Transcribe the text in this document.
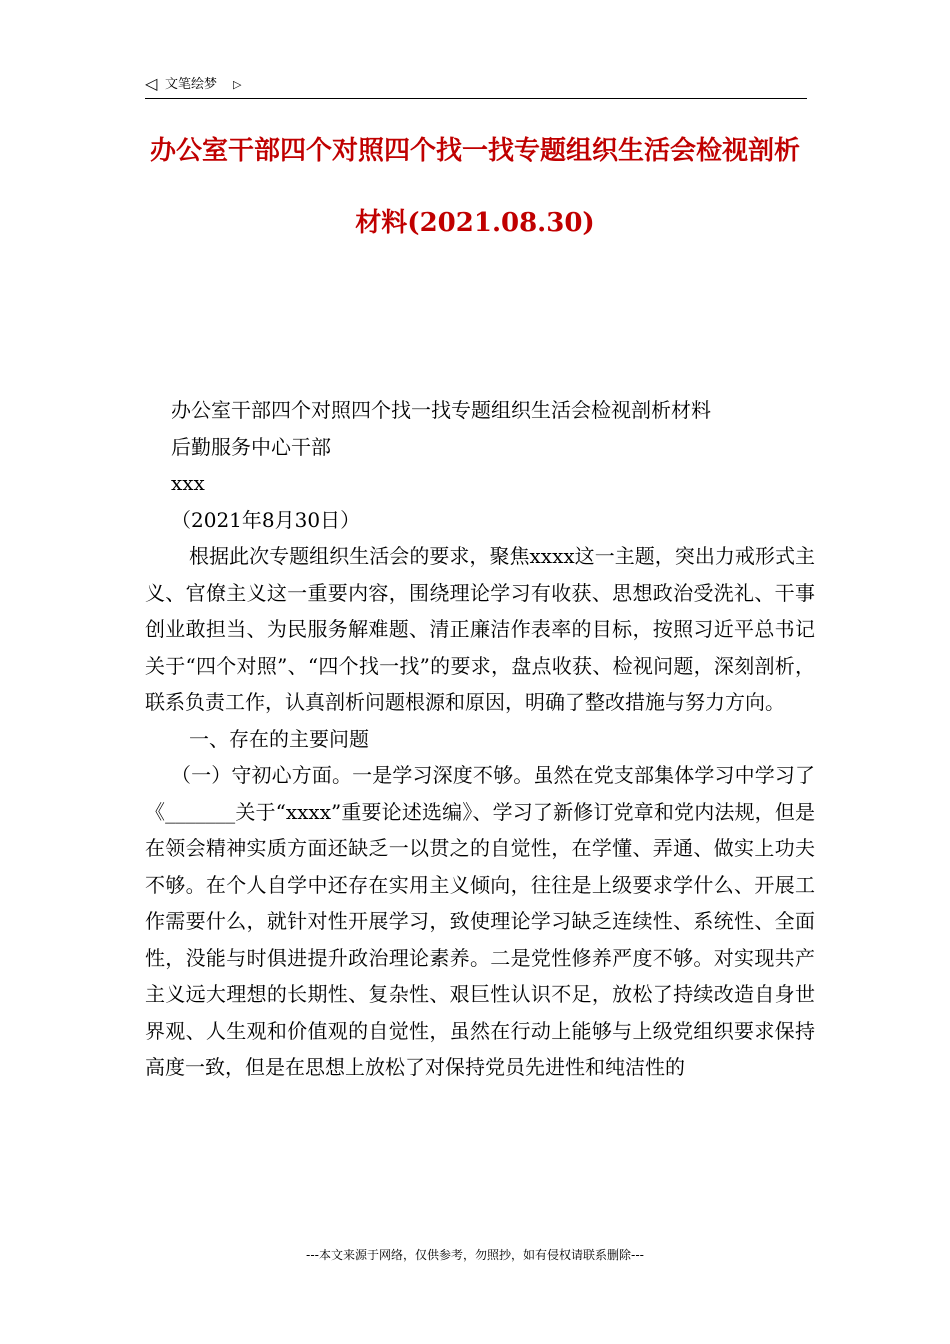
◁ 文笔绘梦 ▷
办公室干部四个对照四个找一找专题组织生活会检视剖析
材料(2021.08.30)

办公室干部四个对照四个找一找专题组织生活会检视剖析材料

后勤服务中心干部

xxx

（2021年8月30日）

根据此次专题组织生活会的要求，聚焦xxxx这一主题，突出力戒形式主义、官僚主义这一重要内容，围绕理论学习有收获、思想政治受洗礼、干事创业敢担当、为民服务解难题、清正廉洁作表率的目标，按照习近平总书记关于“四个对照”、“四个找一找”的要求，盘点收获、检视问题，深刻剖析，联系负责工作，认真剖析问题根源和原因，明确了整改措施与努力方向。

一、存在的主要问题

（一）守初心方面。一是学习深度不够。虽然在党支部集体学习中学习了《_______关于“xxxx”重要论述选编》、学习了新修订党章和党内法规，但是在领会精神实质方面还缺乏一以贯之的自觉性，在学懂、弄通、做实上功夫不够。在个人自学中还存在实用主义倾向，往往是上级要求学什么、开展工作需要什么，就针对性开展学习，致使理论学习缺乏连续性、系统性、全面性，没能与时俱进提升政治理论素养。二是党性修养严度不够。对实现共产主义远大理想的长期性、复杂性、艰巨性认识不足，放松了持续改造自身世界观、人生观和价值观的自觉性，虽然在行动上能够与上级党组织要求保持高度一致，但是在思想上放松了对保持党员先进性和纯洁性的

---本文来源于网络，仅供参考，勿照抄，如有侵权请联系删除---
